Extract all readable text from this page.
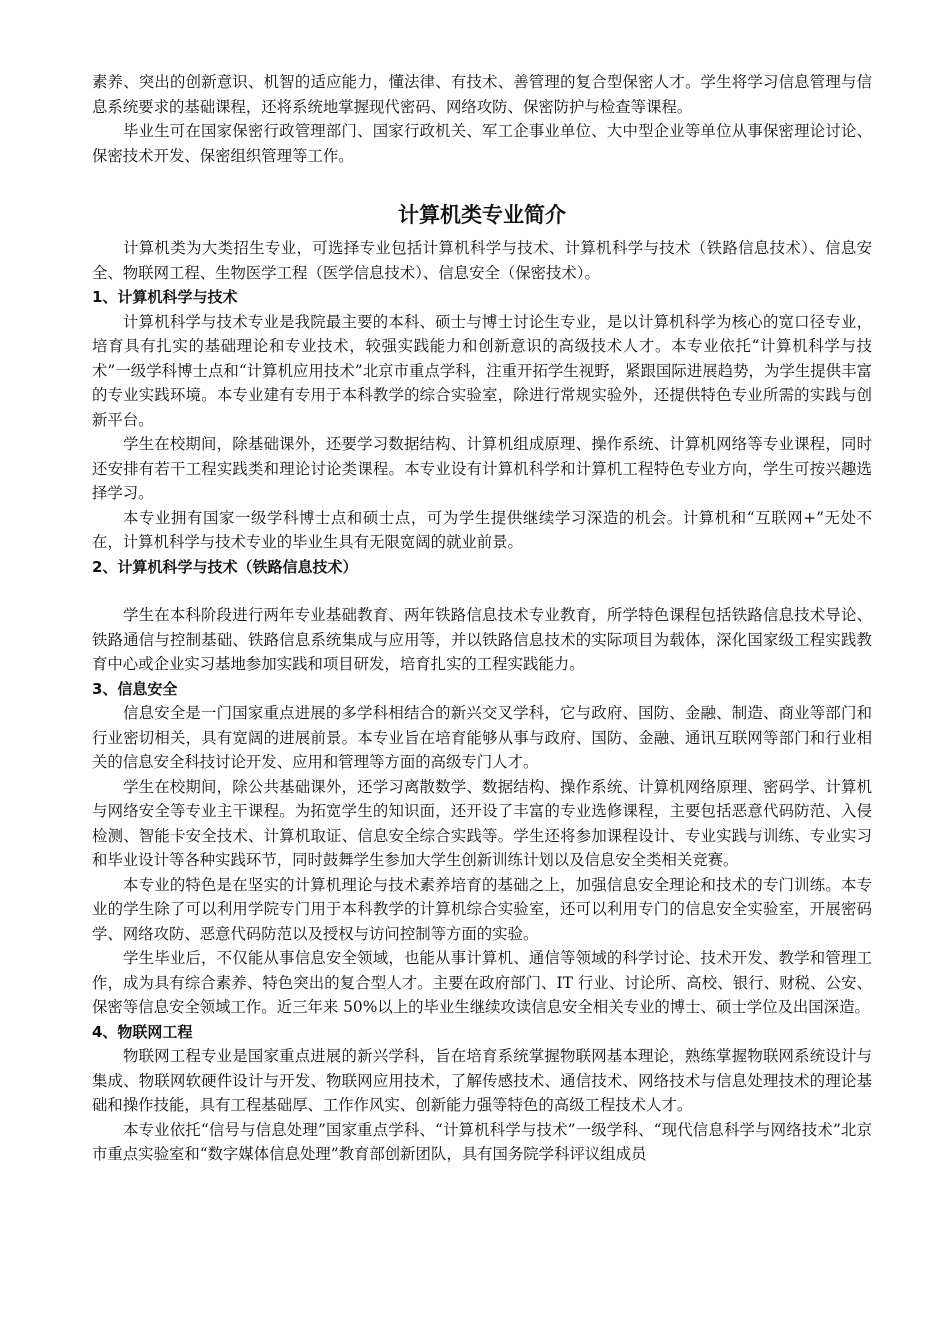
素养、突出的创新意识、机智的适应能力，懂法律、有技术、善管理的复合型保密人才。学生将学习信息管理与信息系统要求的基础课程，还将系统地掌握现代密码、网络攻防、保密防护与检查等课程。

毕业生可在国家保密行政管理部门、国家行政机关、军工企事业单位、大中型企业等单位从事保密理论讨论、保密技术开发、保密组织管理等工作。

计算机类专业简介

计算机类为大类招生专业，可选择专业包括计算机科学与技术、计算机科学与技术（铁路信息技术）、信息安全、物联网工程、生物医学工程（医学信息技术）、信息安全（保密技术）。

1、计算机科学与技术

计算机科学与技术专业是我院最主要的本科、硕士与博士讨论生专业，是以计算机科学为核心的宽口径专业，培育具有扎实的基础理论和专业技术，较强实践能力和创新意识的高级技术人才。本专业依托“计算机科学与技术”一级学科博士点和“计算机应用技术”北京市重点学科，注重开拓学生视野，紧跟国际进展趋势，为学生提供丰富的专业实践环境。本专业建有专用于本科教学的综合实验室，除进行常规实验外，还提供特色专业所需的实践与创新平台。

学生在校期间，除基础课外，还要学习数据结构、计算机组成原理、操作系统、计算机网络等专业课程，同时还安排有若干工程实践类和理论讨论类课程。本专业设有计算机科学和计算机工程特色专业方向，学生可按兴趣选择学习。

本专业拥有国家一级学科博士点和硕士点，可为学生提供继续学习深造的机会。计算机和“互联网+”无处不在，计算机科学与技术专业的毕业生具有无限宽阔的就业前景。

2、计算机科学与技术（铁路信息技术）

学生在本科阶段进行两年专业基础教育、两年铁路信息技术专业教育，所学特色课程包括铁路信息技术导论、铁路通信与控制基础、铁路信息系统集成与应用等，并以铁路信息技术的实际项目为载体，深化国家级工程实践教育中心或企业实习基地参加实践和项目研发，培育扎实的工程实践能力。

3、信息安全

信息安全是一门国家重点进展的多学科相结合的新兴交叉学科，它与政府、国防、金融、制造、商业等部门和行业密切相关，具有宽阔的进展前景。本专业旨在培育能够从事与政府、国防、金融、通讯互联网等部门和行业相关的信息安全科技讨论开发、应用和管理等方面的高级专门人才。

学生在校期间，除公共基础课外，还学习离散数学、数据结构、操作系统、计算机网络原理、密码学、计算机与网络安全等专业主干课程。为拓宽学生的知识面，还开设了丰富的专业选修课程，主要包括恶意代码防范、入侵检测、智能卡安全技术、计算机取证、信息安全综合实践等。学生还将参加课程设计、专业实践与训练、专业实习和毕业设计等各种实践环节，同时鼓舞学生参加大学生创新训练计划以及信息安全类相关竞赛。

本专业的特色是在坚实的计算机理论与技术素养培育的基础之上，加强信息安全理论和技术的专门训练。本专业的学生除了可以利用学院专门用于本科教学的计算机综合实验室，还可以利用专门的信息安全实验室，开展密码学、网络攻防、恶意代码防范以及授权与访问控制等方面的实验。

学生毕业后，不仅能从事信息安全领域，也能从事计算机、通信等领域的科学讨论、技术开发、教学和管理工作，成为具有综合素养、特色突出的复合型人才。主要在政府部门、IT 行业、讨论所、高校、银行、财税、公安、保密等信息安全领域工作。近三年来 50%以上的毕业生继续攻读信息安全相关专业的博士、硕士学位及出国深造。

4、物联网工程

物联网工程专业是国家重点进展的新兴学科，旨在培育系统掌握物联网基本理论，熟练掌握物联网系统设计与集成、物联网软硬件设计与开发、物联网应用技术，了解传感技术、通信技术、网络技术与信息处理技术的理论基础和操作技能，具有工程基础厚、工作作风实、创新能力强等特色的高级工程技术人才。

本专业依托“信号与信息处理”国家重点学科、“计算机科学与技术”一级学科、“现代信息科学与网络技术”北京市重点实验室和“数字媒体信息处理”教育部创新团队，具有国务院学科评议组成员
